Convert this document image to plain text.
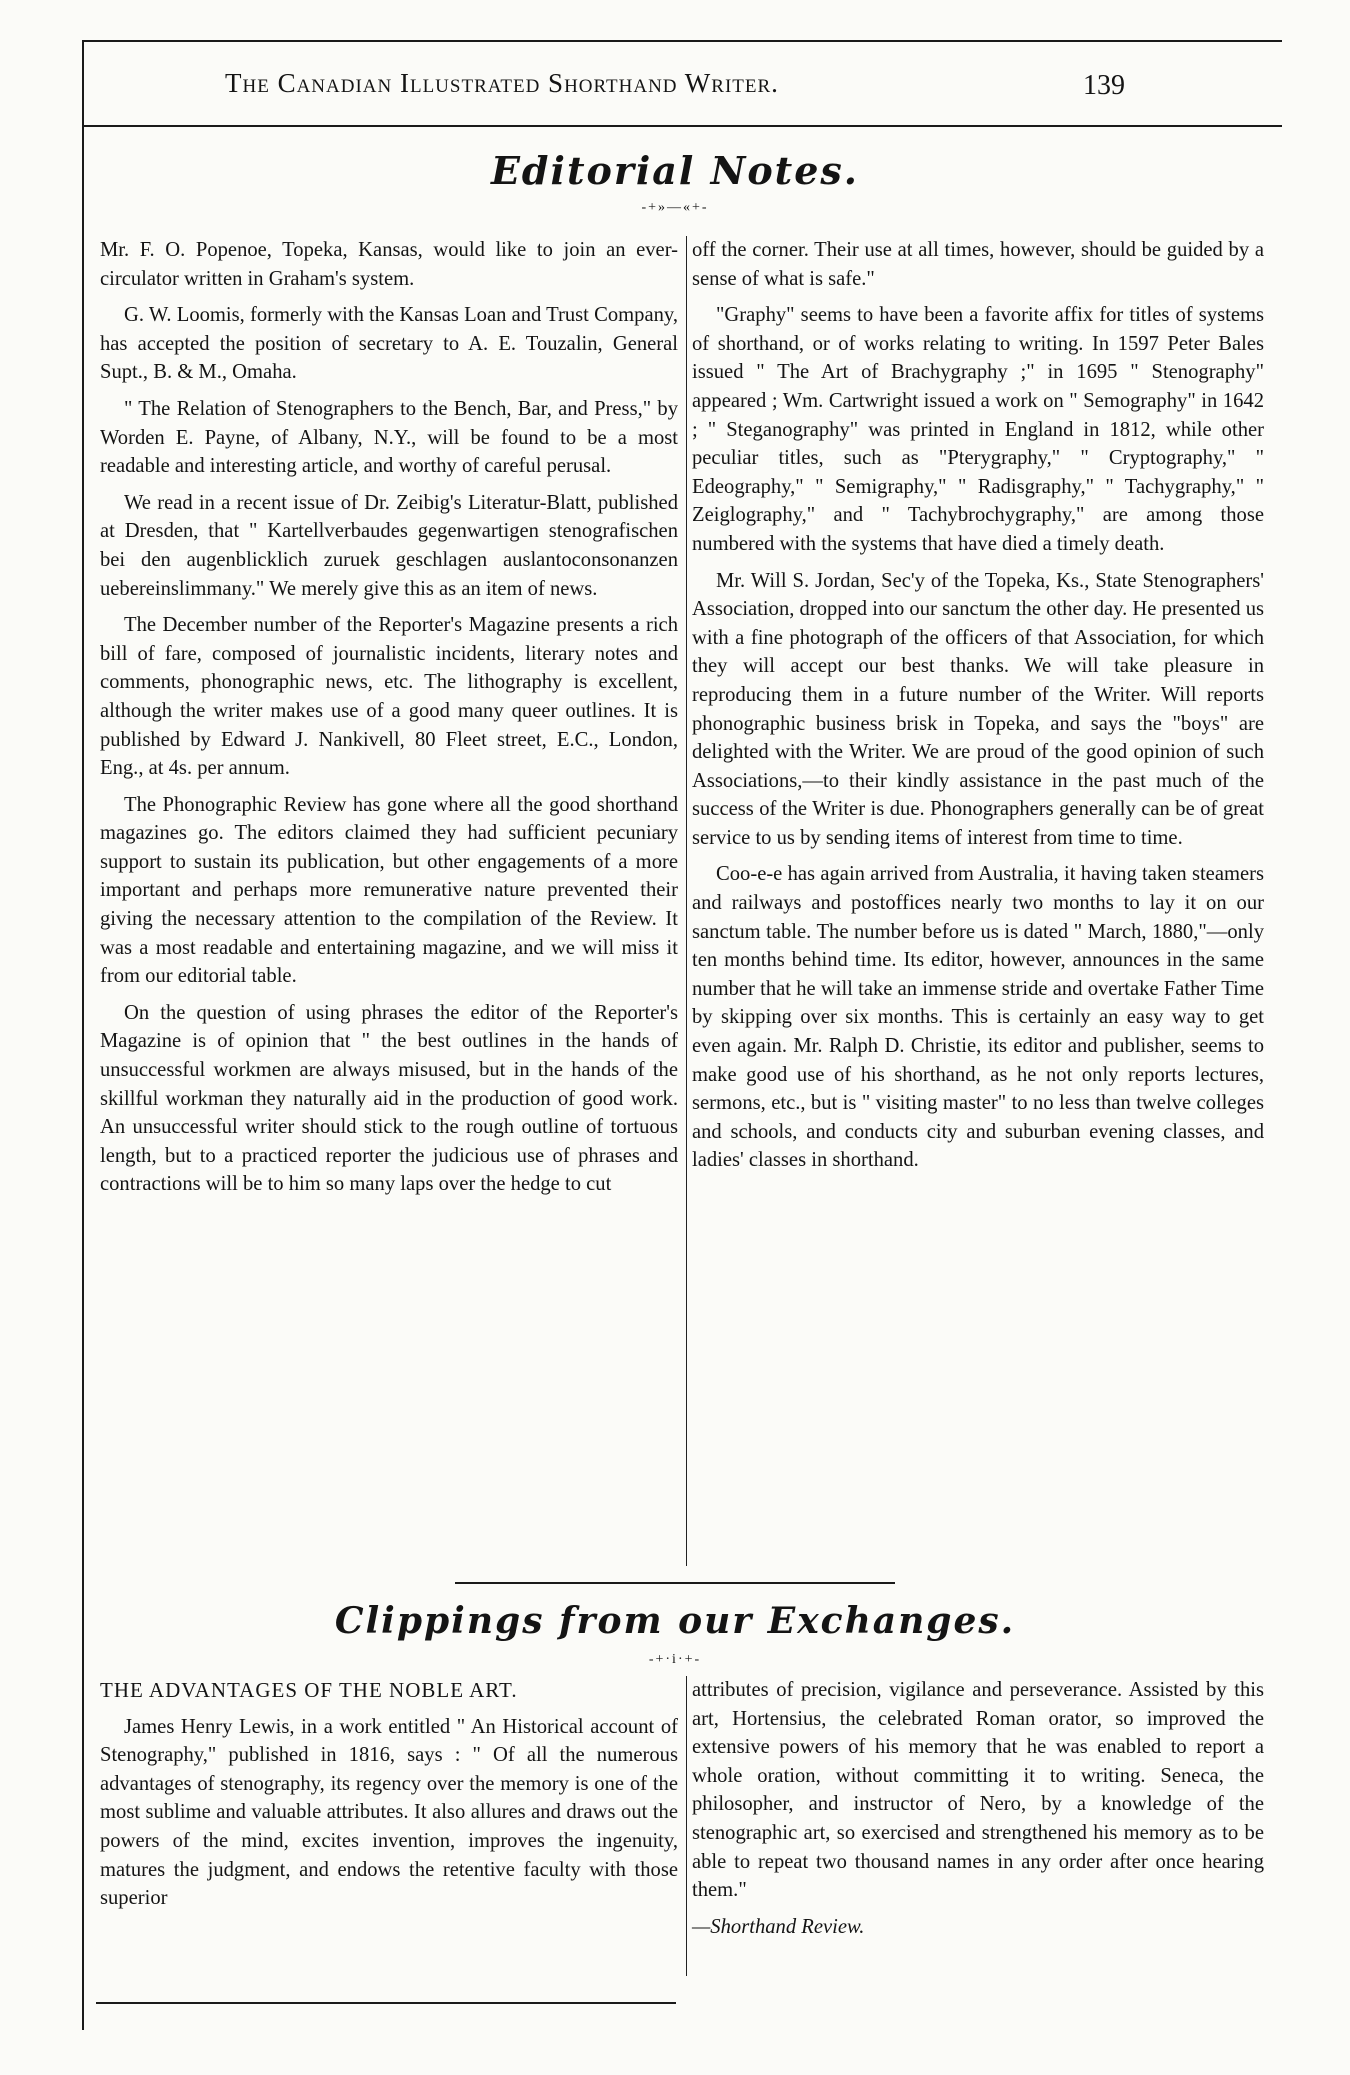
The Canadian Illustrated Shorthand Writer.	139
Editorial Notes.
-+»—«+-

Mr. F. O. Popenoe, Topeka, Kansas, would like to join an ever-circulator written in Graham's system.

G. W. Loomis, formerly with the Kansas Loan and Trust Company, has accepted the position of secretary to A. E. Touzalin, General Supt., B. & M., Omaha.

" The Relation of Stenographers to the Bench, Bar, and Press," by Worden E. Payne, of Albany, N.Y., will be found to be a most readable and interesting article, and worthy of careful perusal.

We read in a recent issue of Dr. Zeibig's Literatur-Blatt, published at Dresden, that " Kartellverbaudes gegenwartigen stenografischen bei den augenblicklich zuruek geschlagen auslantoconsonanzen uebereinslimmany." We merely give this as an item of news.

The December number of the Reporter's Magazine presents a rich bill of fare, composed of journalistic incidents, literary notes and comments, phonographic news, etc. The lithography is excellent, although the writer makes use of a good many queer outlines. It is published by Edward J. Nankivell, 80 Fleet street, E.C., London, Eng., at 4s. per annum.

The Phonographic Review has gone where all the good shorthand magazines go. The editors claimed they had sufficient pecuniary support to sustain its publication, but other engagements of a more important and perhaps more remunerative nature prevented their giving the necessary attention to the compilation of the Review. It was a most readable and entertaining magazine, and we will miss it from our editorial table.

On the question of using phrases the editor of the Reporter's Magazine is of opinion that " the best outlines in the hands of unsuccessful workmen are always misused, but in the hands of the skillful workman they naturally aid in the production of good work. An unsuccessful writer should stick to the rough outline of tortuous length, but to a practiced reporter the judicious use of phrases and contractions will be to him so many laps over the hedge to cut

off the corner. Their use at all times, however, should be guided by a sense of what is safe."

"Graphy" seems to have been a favorite affix for titles of systems of shorthand, or of works relating to writing. In 1597 Peter Bales issued " The Art of Brachygraphy ;" in 1695 " Stenography" appeared ; Wm. Cartwright issued a work on " Semography" in 1642 ; " Steganography" was printed in England in 1812, while other peculiar titles, such as "Pterygraphy," " Cryptography," " Edeography," " Semigraphy," " Radisgraphy," " Tachygraphy," " Zeiglography," and " Tachybrochygraphy," are among those numbered with the systems that have died a timely death.

Mr. Will S. Jordan, Sec'y of the Topeka, Ks., State Stenographers' Association, dropped into our sanctum the other day. He presented us with a fine photograph of the officers of that Association, for which they will accept our best thanks. We will take pleasure in reproducing them in a future number of the Writer. Will reports phonographic business brisk in Topeka, and says the "boys" are delighted with the Writer. We are proud of the good opinion of such Associations,—to their kindly assistance in the past much of the success of the Writer is due. Phonographers generally can be of great service to us by sending items of interest from time to time.

Coo-e-e has again arrived from Australia, it having taken steamers and railways and postoffices nearly two months to lay it on our sanctum table. The number before us is dated " March, 1880,"—only ten months behind time. Its editor, however, announces in the same number that he will take an immense stride and overtake Father Time by skipping over six months. This is certainly an easy way to get even again. Mr. Ralph D. Christie, its editor and publisher, seems to make good use of his shorthand, as he not only reports lectures, sermons, etc., but is " visiting master" to no less than twelve colleges and schools, and conducts city and suburban evening classes, and ladies' classes in shorthand.

Clippings from our Exchanges.
-+·i·+-
THE ADVANTAGES OF THE NOBLE ART.

James Henry Lewis, in a work entitled " An Historical account of Stenography," published in 1816, says : " Of all the numerous advantages of stenography, its regency over the memory is one of the most sublime and valuable attributes. It also allures and draws out the powers of the mind, excites invention, improves the ingenuity, matures the judgment, and endows the retentive faculty with those superior

attributes of precision, vigilance and perseverance. Assisted by this art, Hortensius, the celebrated Roman orator, so improved the extensive powers of his memory that he was enabled to report a whole oration, without committing it to writing. Seneca, the philosopher, and instructor of Nero, by a knowledge of the stenographic art, so exercised and strengthened his memory as to be able to repeat two thousand names in any order after once hearing them."

—Shorthand Review.
